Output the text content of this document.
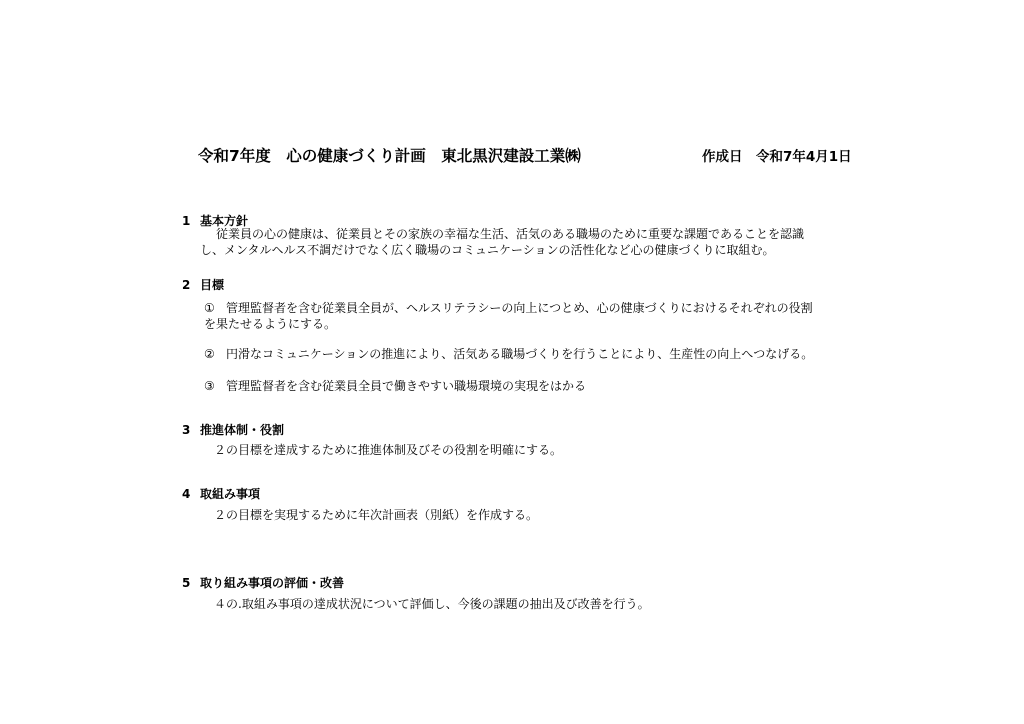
令和7年度　心の健康づくり計画　東北黒沢建設工業㈱	作成日　令和7年4月1日
1 基本方針
従業員の心の健康は、従業員とその家族の幸福な生活、活気のある職場のために重要な課題であることを認識
し、メンタルヘルス不調だけでなく広く職場のコミュニケーションの活性化など心の健康づくりに取組む。
2 目標
① 管理監督者を含む従業員全員が、ヘルスリテラシーの向上につとめ、心の健康づくりにおけるそれぞれの役割
を果たせるようにする。
② 円滑なコミュニケーションの推進により、活気ある職場づくりを行うことにより、生産性の向上へつなげる。
③ 管理監督者を含む従業員全員で働きやすい職場環境の実現をはかる
3 推進体制・役割
２の目標を達成するために推進体制及びその役割を明確にする。
4 取組み事項
２の目標を実現するために年次計画表（別紙）を作成する。
5 取り組み事項の評価・改善
４の.取組み事項の達成状況について評価し、今後の課題の抽出及び改善を行う。
